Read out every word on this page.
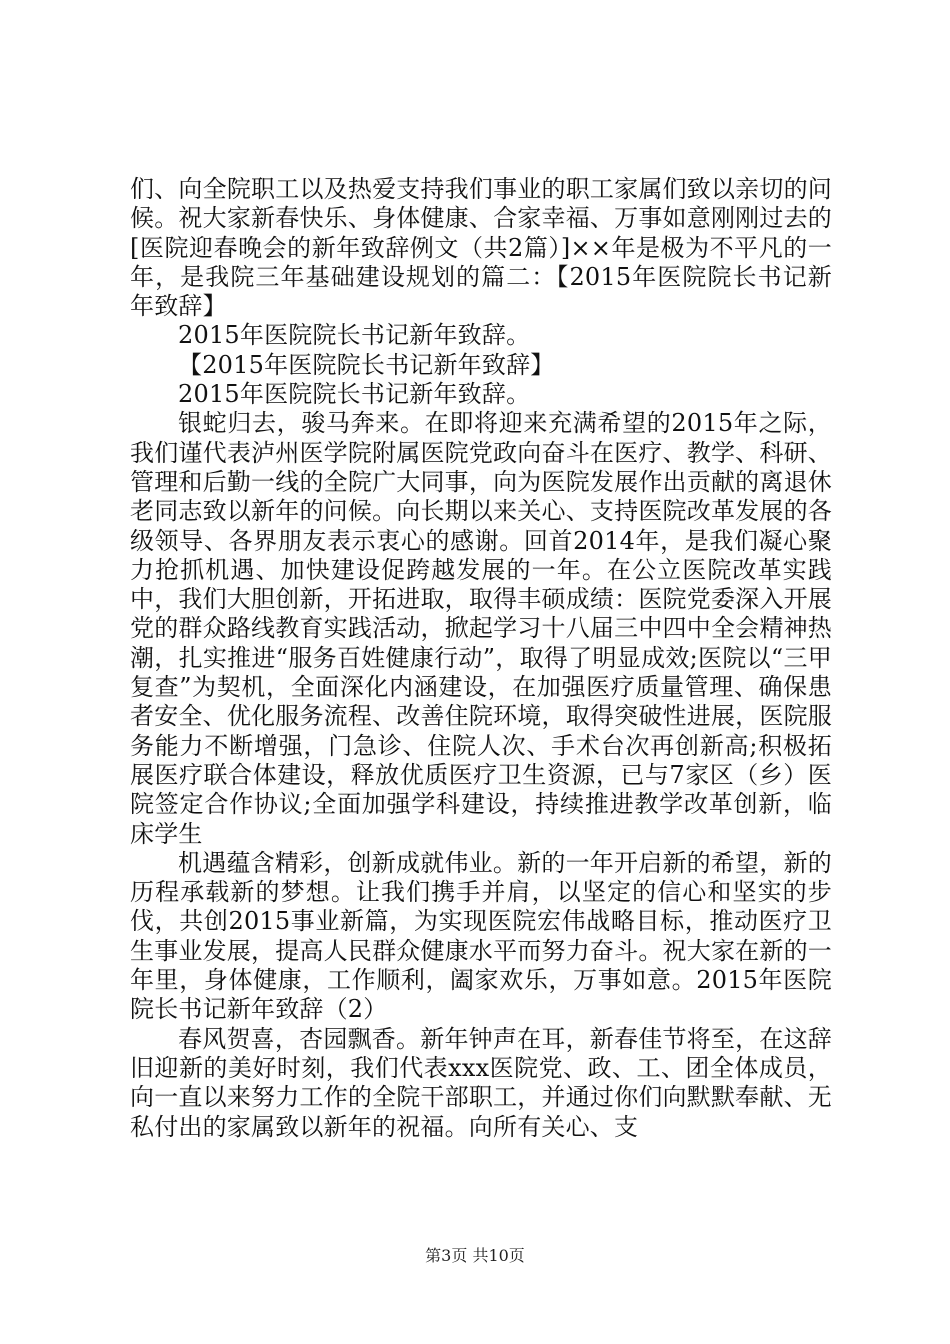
们、向全院职工以及热爱支持我们事业的职工家属们致以亲切的问候。祝大家新春快乐、身体健康、合家幸福、万事如意刚刚过去的[医院迎春晚会的新年致辞例文（共2篇）]××年是极为不平凡的一年，是我院三年基础建设规划的篇二：【2015年医院院长书记新年致辞】

2015年医院院长书记新年致辞。

【2015年医院院长书记新年致辞】

2015年医院院长书记新年致辞。

银蛇归去，骏马奔来。在即将迎来充满希望的2015年之际，我们谨代表泸州医学院附属医院党政向奋斗在医疗、教学、科研、管理和后勤一线的全院广大同事，向为医院发展作出贡献的离退休老同志致以新年的问候。向长期以来关心、支持医院改革发展的各级领导、各界朋友表示衷心的感谢。回首2014年，是我们凝心聚力抢抓机遇、加快建设促跨越发展的一年。在公立医院改革实践中，我们大胆创新，开拓进取，取得丰硕成绩：医院党委深入开展党的群众路线教育实践活动，掀起学习十八届三中四中全会精神热潮，扎实推进“服务百姓健康行动”，取得了明显成效;医院以“三甲复查”为契机，全面深化内涵建设，在加强医疗质量管理、确保患者安全、优化服务流程、改善住院环境，取得突破性进展，医院服务能力不断增强，门急诊、住院人次、手术台次再创新高;积极拓展医疗联合体建设，释放优质医疗卫生资源，已与7家区（乡）医院签定合作协议;全面加强学科建设，持续推进教学改革创新，临床学生

机遇蕴含精彩，创新成就伟业。新的一年开启新的希望，新的历程承载新的梦想。让我们携手并肩，以坚定的信心和坚实的步伐，共创2015事业新篇，为实现医院宏伟战略目标，推动医疗卫生事业发展，提高人民群众健康水平而努力奋斗。祝大家在新的一年里，身体健康，工作顺利，阖家欢乐，万事如意。2015年医院院长书记新年致辞（2）

春风贺喜，杏园飘香。新年钟声在耳，新春佳节将至，在这辞旧迎新的美好时刻，我们代表xxx医院党、政、工、团全体成员，向一直以来努力工作的全院干部职工，并通过你们向默默奉献、无私付出的家属致以新年的祝福。向所有关心、支

第3页 共10页
